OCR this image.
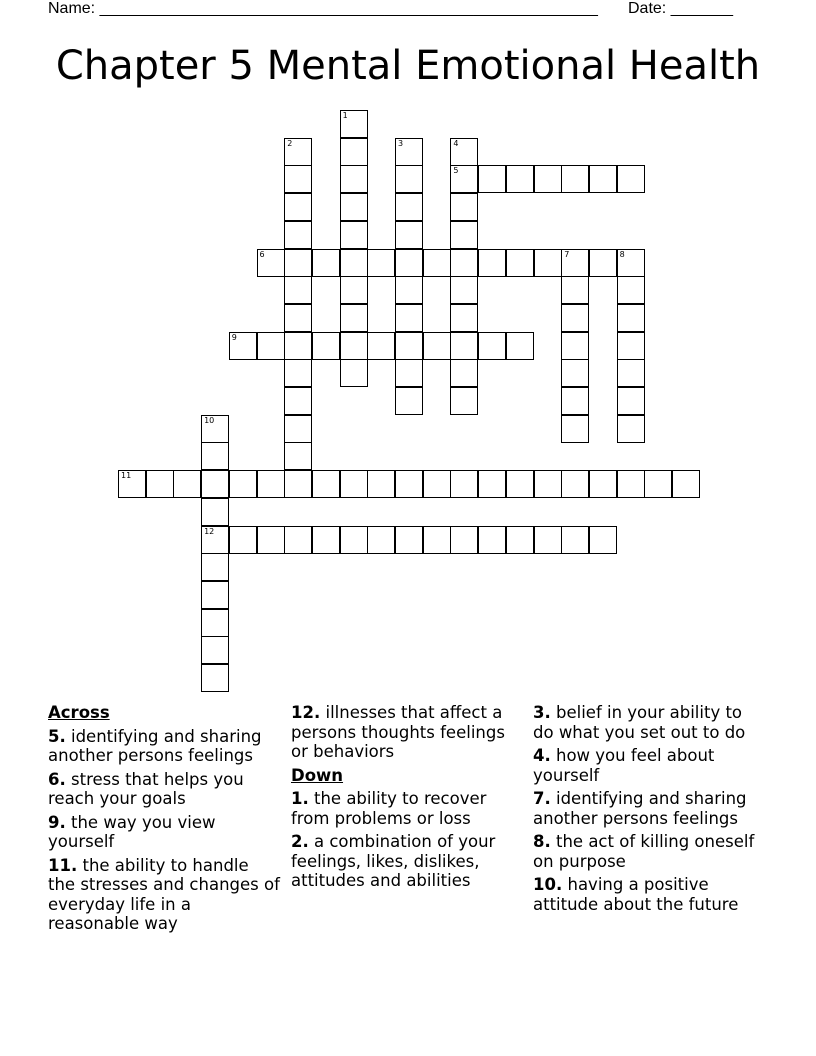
Name: ________________________________________________________ Date: _______
Chapter 5 Mental Emotional Health
1
2	3	4
5
6	7	8
9
10
12
11
Across
5. identifying and sharing another persons feelings
6. stress that helps you reach your goals
9. the way you view yourself
11. the ability to handle the stresses and changes of everyday life in a reasonable way
12. illnesses that affect a persons thoughts feelings or behaviors
Down
1. the ability to recover from problems or loss
2. a combination of your feelings, likes, dislikes, attitudes and abilities
3. belief in your ability to do what you set out to do
4. how you feel about yourself
7. identifying and sharing another persons feelings
8. the act of killing oneself on purpose
10. having a positive attitude about the future
